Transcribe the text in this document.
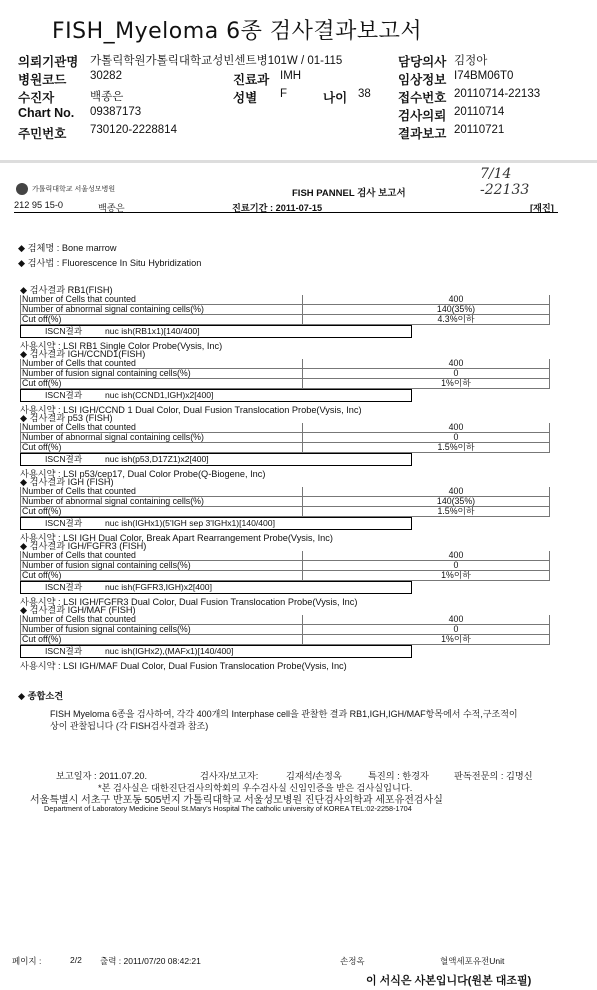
FISH_Myeloma 6종 검사결과보고서
의뢰기관명 가톨릭학원가톨릭대학교성빈센트병101W / 01-115	담당의사 김정아
병원코드 30282	진료과 IMH	임상정보 I74BM06T0
수진자	백종은	성별 F	나이 38 접수번호 20110714-22133
Chart No. 09387173	검사의뢰 20110714
주민번호 730120-2228814	결과보고 20110721
가톨릭대학교 서울성모병원	FISH PANNEL 검사 보고서
7/14 -22133
212 95 15-0	백종은	진료기간 : 2011-07-15	[재진]
◆ 검체명 : Bone marrow
◆ 검사법 : Fluorescence In Situ Hybridization
◆ 검사결과 RB1(FISH)
Number of Cells that counted	400
Number of abnormal signal containing cells(%)	140(35%)
Cut off(%)	4.3%이하
ISCN결과	nuc ish(RB1x1)[140/400]
사용시약 : LSI RB1 Single Color Probe(Vysis, Inc)
◆ 검사결과 IGH/CCND1(FISH)
Number of Cells that counted	400
Number of fusion signal containing cells(%)	0
Cut off(%)	1%이하
ISCN결과	nuc ish(CCND1,IGH)x2[400]
사용시약 : LSI IGH/CCND 1 Dual Color, Dual Fusion Translocation Probe(Vysis, Inc)
◆ 검사결과 p53 (FISH)
Number of Cells that counted	400
Number of abnormal signal containing cells(%)	0
Cut off(%)	1.5%이하
ISCN결과	nuc ish(p53,D17Z1)x2[400]
사용시약 : LSI p53/cep17, Dual Color Probe(Q-Biogene, Inc)
◆ 검사결과 IGH (FISH)
Number of Cells that counted	400
Number of abnormal signal containing cells(%)	140(35%)
Cut off(%)	1.5%이하
ISCN결과	nuc ish(IGHx1)(5'IGH sep 3'IGHx1)[140/400]
사용시약 : LSI IGH Dual Color, Break Apart Rearrangement Probe(Vysis, Inc)
◆ 검사결과 IGH/FGFR3 (FISH)
Number of Cells that counted	400
Number of fusion signal containing cells(%)	0
Cut off(%)	1%이하
ISCN결과	nuc ish(FGFR3,IGH)x2[400]
사용시약 : LSI IGH/FGFR3 Dual Color, Dual Fusion Translocation Probe(Vysis, Inc)
◆ 검사결과 IGH/MAF (FISH)
Number of Cells that counted	400
Number of fusion signal containing cells(%)	0
Cut off(%)	1%이하
ISCN결과	nuc ish(IGHx2),(MAFx1)[140/400]
사용시약 : LSI IGH/MAF Dual Color, Dual Fusion Translocation Probe(Vysis, Inc)
◆ 종합소견
FISH Myeloma 6종을 검사하여, 각각 400개의 Interphase cell을 관찰한 결과 RB1,IGH,IGH/MAF항목에서 수적,구조적이상이 관찰됩니다 (각 FISH검사결과 참조)
보고일자 : 2011.07.20.	검사자/보고자:	김재석/손정옥	특진의 : 한경자	판독전문의 : 김명신
*본 검사실은 대한진단검사의학회의 우수검사실 신임인증을 받은 검사실입니다.
서울특별시 서초구 반포동 505번지 가톨릭대학교 서울성모병원 진단검사의학과 세포유전검사실
Department of Laboratory Medicine Seoul St.Mary's Hospital The catholic university of KOREA TEL:02-2258-1704
페이지 :	2/2 출력 : 2011/07/20 08:42:21	손정옥	혈액세포유전Unit
이 서식은 사본입니다(원본 대조필)
